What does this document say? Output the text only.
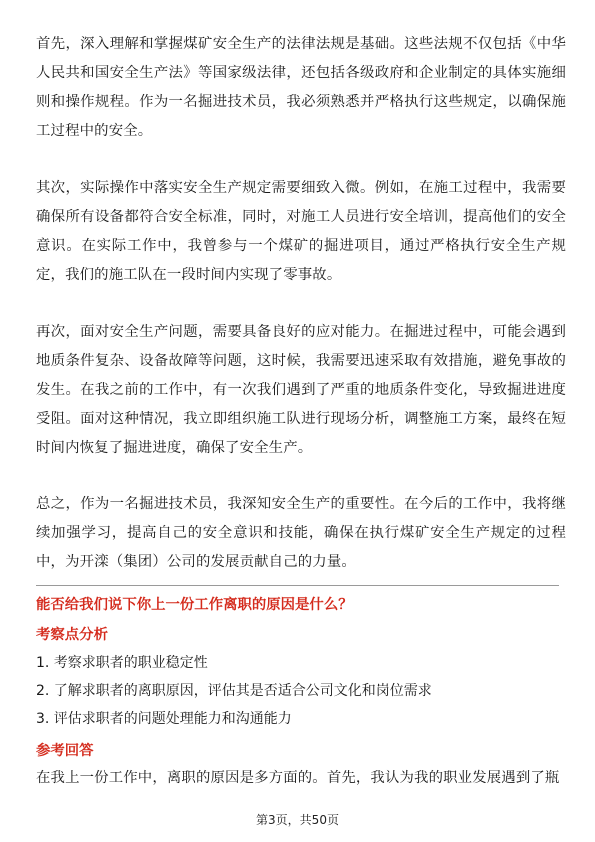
首先，深入理解和掌握煤矿安全生产的法律法规是基础。这些法规不仅包括《中华人民共和国安全生产法》等国家级法律，还包括各级政府和企业制定的具体实施细则和操作规程。作为一名掘进技术员，我必须熟悉并严格执行这些规定，以确保施工过程中的安全。

其次，实际操作中落实安全生产规定需要细致入微。例如，在施工过程中，我需要确保所有设备都符合安全标准，同时，对施工人员进行安全培训，提高他们的安全意识。在实际工作中，我曾参与一个煤矿的掘进项目，通过严格执行安全生产规定，我们的施工队在一段时间内实现了零事故。

再次，面对安全生产问题，需要具备良好的应对能力。在掘进过程中，可能会遇到地质条件复杂、设备故障等问题，这时候，我需要迅速采取有效措施，避免事故的发生。在我之前的工作中，有一次我们遇到了严重的地质条件变化，导致掘进进度受阻。面对这种情况，我立即组织施工队进行现场分析，调整施工方案，最终在短时间内恢复了掘进进度，确保了安全生产。

总之，作为一名掘进技术员，我深知安全生产的重要性。在今后的工作中，我将继续加强学习，提高自己的安全意识和技能，确保在执行煤矿安全生产规定的过程中，为开滦（集团）公司的发展贡献自己的力量。

能否给我们说下你上一份工作离职的原因是什么？

考察点分析

1. 考察求职者的职业稳定性

2. 了解求职者的离职原因，评估其是否适合公司文化和岗位需求

3. 评估求职者的问题处理能力和沟通能力

参考回答

在我上一份工作中，离职的原因是多方面的。首先，我认为我的职业发展遇到了瓶

第3页，共50页
